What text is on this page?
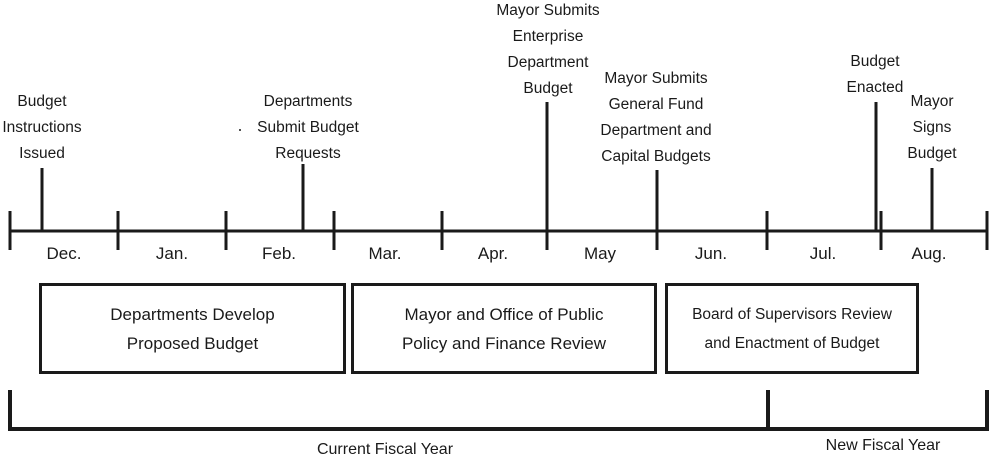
Budget
Instructions
Issued
Departments
Submit Budget
Requests
Mayor Submits
Enterprise
Department
Budget
Mayor Submits
General Fund
Department and
Capital Budgets
Budget
Enacted
Mayor
Signs
Budget
Dec.	Jan.	Feb.	Mar.	Apr.	May	Jun.	Jul.	Aug.
Departments Develop
Proposed Budget
Mayor and Office of Public
Policy and Finance Review
Board of Supervisors Review
and Enactment of Budget
Current Fiscal Year	New Fiscal Year
